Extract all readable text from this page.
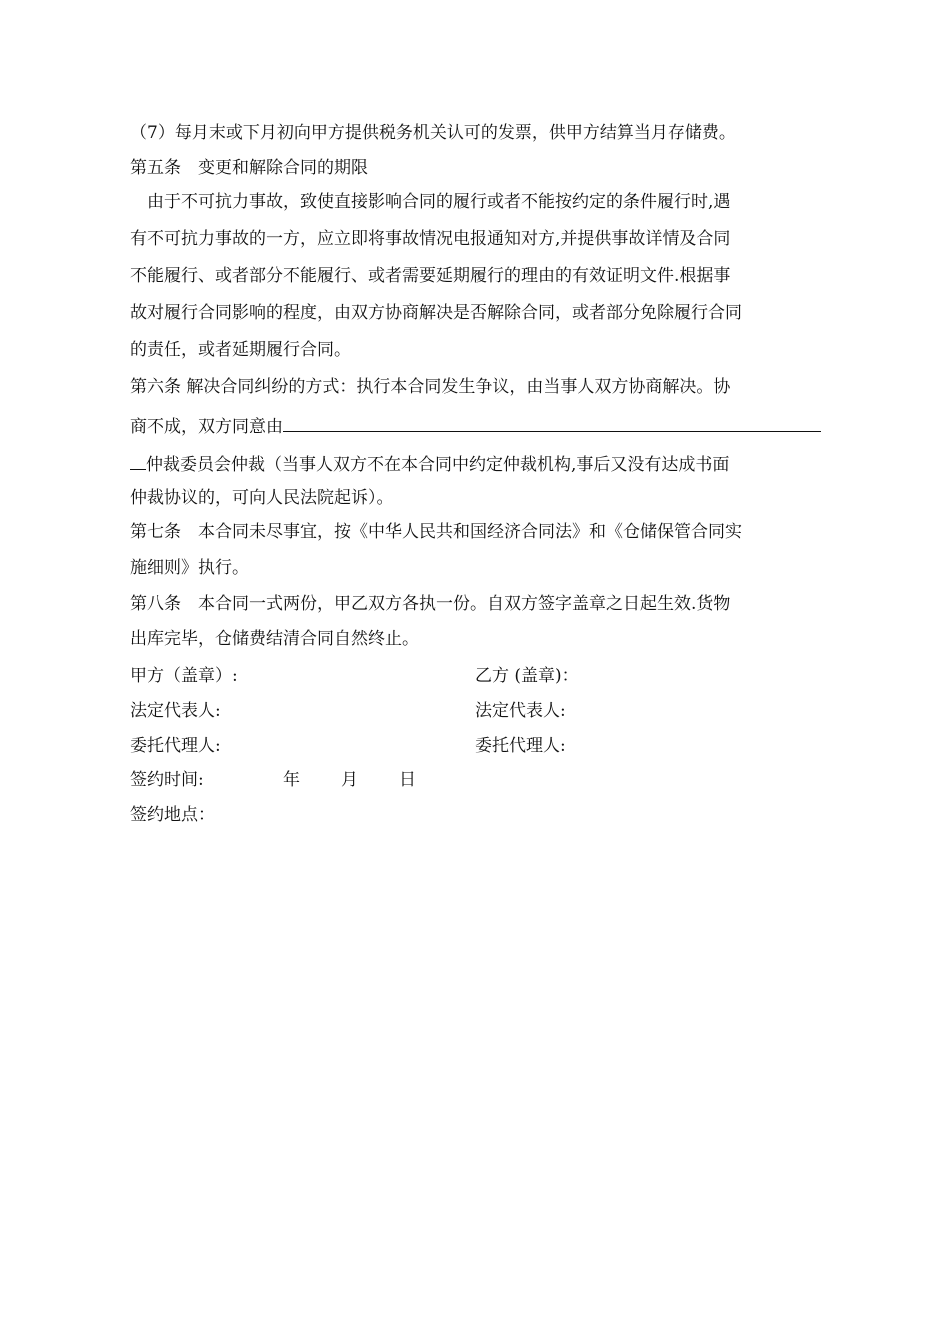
（7）每月末或下月初向甲方提供税务机关认可的发票，供甲方结算当月存储费。
第五条　变更和解除合同的期限
　由于不可抗力事故，致使直接影响合同的履行或者不能按约定的条件履行时,遇
有不可抗力事故的一方，应立即将事故情况电报通知对方,并提供事故详情及合同
不能履行、或者部分不能履行、或者需要延期履行的理由的有效证明文件.根据事
故对履行合同影响的程度，由双方协商解决是否解除合同，或者部分免除履行合同
的责任，或者延期履行合同。
第六条 解决合同纠纷的方式：执行本合同发生争议，由当事人双方协商解决。协
商不成，双方同意由
仲裁委员会仲裁（当事人双方不在本合同中约定仲裁机构,事后又没有达成书面
仲裁协议的，可向人民法院起诉）。
第七条　本合同未尽事宜，按《中华人民共和国经济合同法》和《仓储保管合同实
施细则》执行。
第八条　本合同一式两份，甲乙双方各执一份。自双方签字盖章之日起生效.货物
出库完毕，仓储费结清合同自然终止。
甲方（盖章）:	乙方 (盖章)：
法定代表人:	法定代表人:
委托代理人:	委托代理人:
签约时间:	年 月 日
签约地点：
